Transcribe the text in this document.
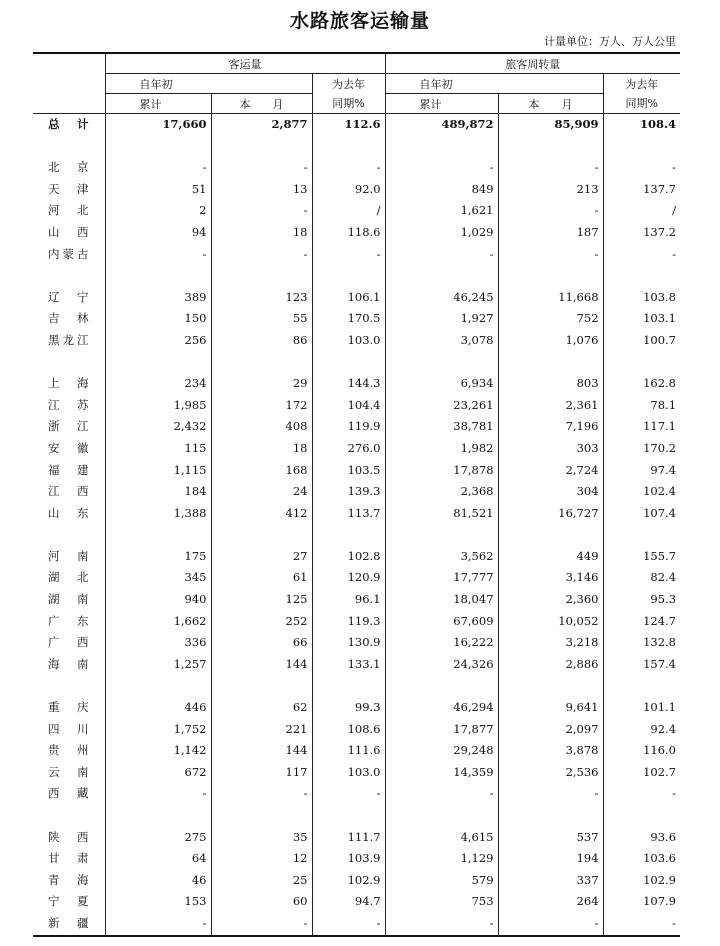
水路旅客运输量
计量单位：万人、万人公里
	客运量			旅客周转量		
	自年初		为去年	自年初		为去年
	累计	本　　月	同期%	累计	本　　月	同期%
总　计	17,660	2,877	112.6	489,872	85,909	108.4

北　京	-	-	-	-	-	-
天　津	51	13	92.0	849	213	137.7
河　北	2	-	/	1,621	-	/
山　西	94	18	118.6	1,029	187	137.2
内蒙古	-	-	-	-	-	-

辽　宁	389	123	106.1	46,245	11,668	103.8
吉　林	150	55	170.5	1,927	752	103.1
黑龙江	256	86	103.0	3,078	1,076	100.7

上　海	234	29	144.3	6,934	803	162.8
江　苏	1,985	172	104.4	23,261	2,361	78.1
浙　江	2,432	408	119.9	38,781	7,196	117.1
安　徽	115	18	276.0	1,982	303	170.2
福　建	1,115	168	103.5	17,878	2,724	97.4
江　西	184	24	139.3	2,368	304	102.4
山　东	1,388	412	113.7	81,521	16,727	107.4

河　南	175	27	102.8	3,562	449	155.7
湖　北	345	61	120.9	17,777	3,146	82.4
湖　南	940	125	96.1	18,047	2,360	95.3
广　东	1,662	252	119.3	67,609	10,052	124.7
广　西	336	66	130.9	16,222	3,218	132.8
海　南	1,257	144	133.1	24,326	2,886	157.4

重　庆	446	62	99.3	46,294	9,641	101.1
四　川	1,752	221	108.6	17,877	2,097	92.4
贵　州	1,142	144	111.6	29,248	3,878	116.0
云　南	672	117	103.0	14,359	2,536	102.7
西　藏	-	-	-	-	-	-

陕　西	275	35	111.7	4,615	537	93.6
甘　肃	64	12	103.9	1,129	194	103.6
青　海	46	25	102.9	579	337	102.9
宁　夏	153	60	94.7	753	264	107.9
新　疆	-	-	-	-	-	-
